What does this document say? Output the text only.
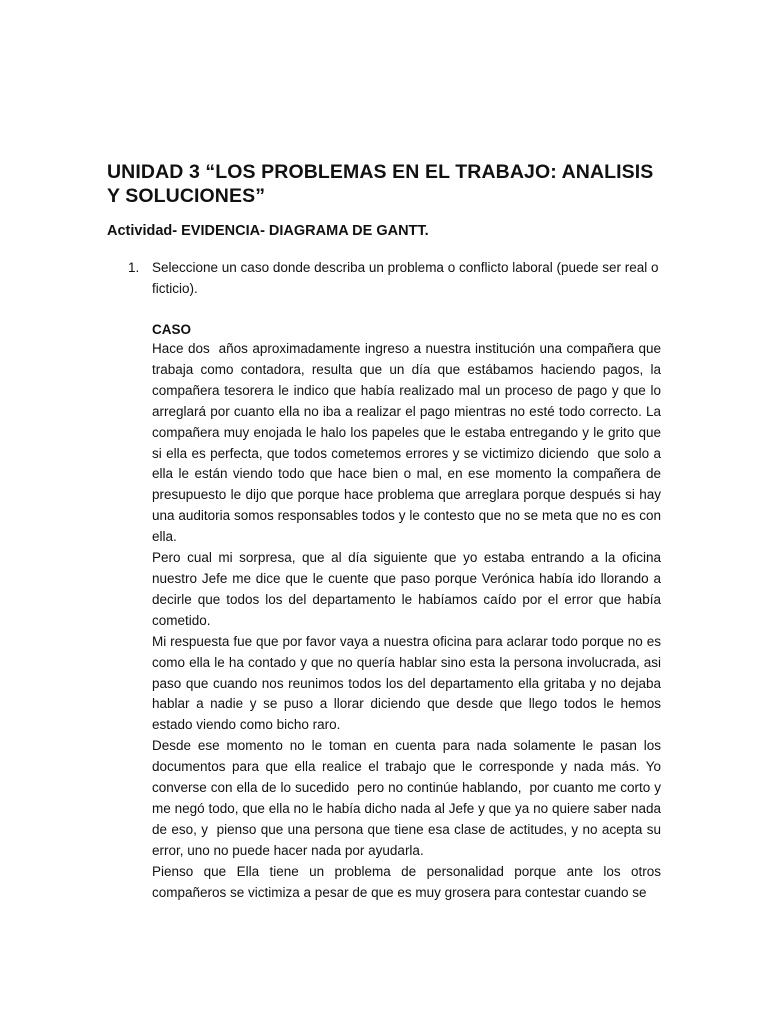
UNIDAD 3 “LOS PROBLEMAS EN EL TRABAJO: ANALISIS Y SOLUCIONES”
Actividad- EVIDENCIA- DIAGRAMA DE GANTT.
1. Seleccione un caso donde describa un problema o conflicto laboral (puede ser real o ficticio).

CASO

Hace dos  años aproximadamente ingreso a nuestra institución una compañera que trabaja como contadora, resulta que un día que estábamos haciendo pagos, la compañera tesorera le indico que había realizado mal un proceso de pago y que lo arreglará por cuanto ella no iba a realizar el pago mientras no esté todo correcto. La compañera muy enojada le halo los papeles que le estaba entregando y le grito que si ella es perfecta, que todos cometemos errores y se victimizo diciendo  que solo a ella le están viendo todo que hace bien o mal, en ese momento la compañera de presupuesto le dijo que porque hace problema que arreglara porque después si hay una auditoria somos responsables todos y le contesto que no se meta que no es con ella.

Pero cual mi sorpresa, que al día siguiente que yo estaba entrando a la oficina nuestro Jefe me dice que le cuente que paso porque Verónica había ido llorando a decirle que todos los del departamento le habíamos caído por el error que había cometido.

Mi respuesta fue que por favor vaya a nuestra oficina para aclarar todo porque no es como ella le ha contado y que no quería hablar sino esta la persona involucrada, asi paso que cuando nos reunimos todos los del departamento ella gritaba y no dejaba hablar a nadie y se puso a llorar diciendo que desde que llego todos le hemos estado viendo como bicho raro.

Desde ese momento no le toman en cuenta para nada solamente le pasan los documentos para que ella realice el trabajo que le corresponde y nada más. Yo converse con ella de lo sucedido  pero no continúe hablando,  por cuanto me corto y me negó todo, que ella no le había dicho nada al Jefe y que ya no quiere saber nada de eso, y  pienso que una persona que tiene esa clase de actitudes, y no acepta su error, uno no puede hacer nada por ayudarla.

Pienso que Ella tiene un problema de personalidad porque ante los otros compañeros se victimiza a pesar de que es muy grosera para contestar cuando se
